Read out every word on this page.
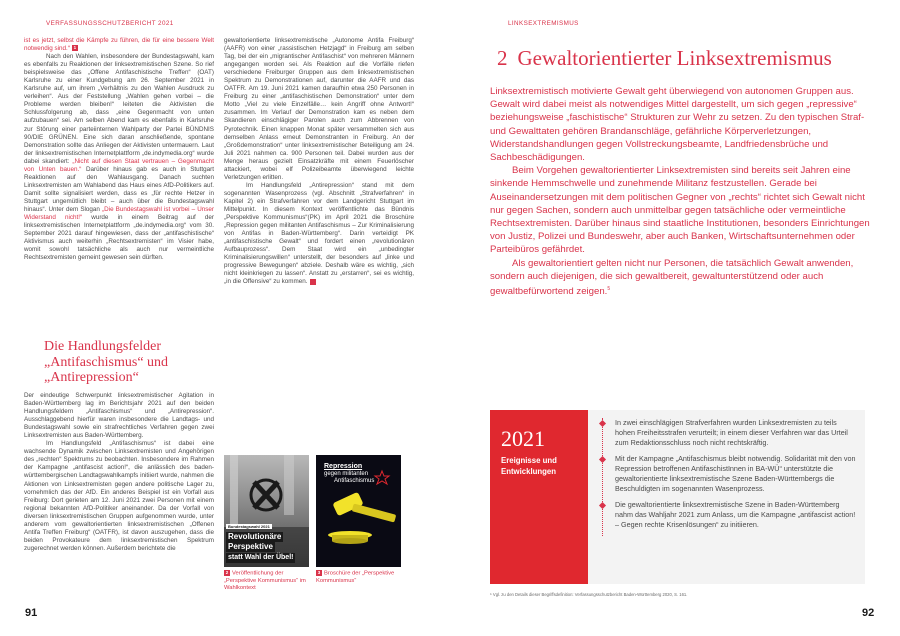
VERFASSUNGSSCHUTZBERICHT 2021

ist es jetzt, selbst die Kämpfe zu führen, die für eine bessere Welt notwendig sind.“ 1

Nach den Wahlen, insbesondere der Bundestagswahl, kam es ebenfalls zu Reaktionen der linksextremistischen Szene. So rief beispielsweise das „Offene Antifaschistische Treffen“ (OAT) Karlsruhe zu einer Kundgebung am 26. September 2021 in Karlsruhe auf, um ihrem „Verhältnis zu den Wahlen Ausdruck zu verleihen“. Aus der Feststellung „Wahlen gehen vorbei – die Probleme werden bleiben!“ leiteten die Aktivisten die Schlussfolgerung ab, dass „eine Gegenmacht von unten aufzubauen“ sei. Am selben Abend kam es ebenfalls in Karlsruhe zur Störung einer parteiinternen Wahlparty der Partei BÜNDNIS 90/DIE GRÜNEN. Eine sich daran anschließende, spontane Demonstration sollte das Anliegen der Aktivisten untermauern. Laut der linksextremistischen Internetplattform „de.indymedia.org“ wurde dabei skandiert: „Nicht auf diesen Staat vertrauen – Gegenmacht von Unten bauen.“ Darüber hinaus gab es auch in Stuttgart Reaktionen auf den Wahlausgang. Danach suchten Linksextremisten am Wahlabend das Haus eines AfD-Politikers auf. Damit sollte signalisiert werden, dass es „für rechte Hetzer in Stuttgart ungemütlich bleibt – auch über die Bundestagswahl hinaus“. Unter dem Slogan „Die Bundestagswahl ist vorbei – Unser Widerstand nicht!“ wurde in einem Beitrag auf der linksextremistischen Internetplattform „de.indymedia.org“ vom 30. September 2021 darauf hingewiesen, dass der „antifaschistische“ Aktivismus auch weiterhin „Rechtsextremisten“ im Visier habe, womit sowohl tatsächliche als auch nur vermeintliche Rechtsextremisten gemeint gewesen sein dürften.

Die Handlungsfelder „Antifaschismus“ und „Antirepression“

Der eindeutige Schwerpunkt linksextremistischer Agitation in Baden-Württemberg lag im Berichtsjahr 2021 auf den beiden Handlungsfeldern „Antifaschismus“ und „Antirepression“. Ausschlaggebend hierfür waren insbesondere die Landtags- und Bundestagswahl sowie ein strafrechtliches Verfahren gegen zwei Linksextremisten aus Baden-Württemberg.

Im Handlungsfeld „Antifaschismus“ ist dabei eine wachsende Dynamik zwischen Linksextremisten und Angehörigen des „rechten“ Spektrums zu beobachten. Insbesondere im Rahmen der Kampagne „antifascist action!“, die anlässlich des baden-württembergischen Landtagswahlkampfs initiiert wurde, nahmen die Aktionen von Linksextremisten gegen andere politische Lager zu, vornehmlich das der AfD. Ein anderes Beispiel ist ein Vorfall aus Freiburg: Dort gerieten am 12. Juni 2021 zwei Personen mit einem regional bekannten AfD-Politiker aneinander. Da der Vorfall von diversen linksextremistischen Gruppen aufgenommen wurde, unter anderem vom gewaltorientierten linksextremistischen „Offenen Antifa Treffen Freiburg“ (OATFR), ist davon auszugehen, dass die beiden Provokateure dem linksextremistischen Spektrum zugerechnet werden können. Außerdem berichtete die

gewaltorientierte linksextremistische „Autonome Antifa Freiburg“ (AAFR) von einer „rassistischen Hetzjagd“ in Freiburg am selben Tag, bei der ein „migrantischer Antifaschist“ von mehreren Männern angegangen worden sei. Als Reaktion auf die Vorfälle riefen verschiedene Freiburger Gruppen aus dem linksextremistischen Spektrum zu Demonstrationen auf, darunter die AAFR und das OATFR. Am 19. Juni 2021 kamen daraufhin etwa 250 Personen in Freiburg zu einer „antifaschistischen Demonstration“ unter dem Motto „Viel zu viele Einzelfälle… kein Angriff ohne Antwort!“ zusammen. Im Verlauf der Demonstration kam es neben dem Skandieren einschlägiger Parolen auch zum Abbrennen von Pyrotechnik. Einen knappen Monat später versammelten sich aus demselben Anlass erneut Demonstranten in Freiburg. An der „Großdemonstration“ unter linksextremistischer Beteiligung am 24. Juli 2021 nahmen ca. 900 Personen teil. Dabei wurden aus der Menge heraus gezielt Einsatzkräfte mit einem Feuerlöscher attackiert, wobei elf Polizeibeamte überwiegend leichte Verletzungen erlitten.

Im Handlungsfeld „Antirepression“ stand mit dem sogenannten Wasenprozess (vgl. Abschnitt „Strafverfahren“ in Kapitel 2) ein Strafverfahren vor dem Landgericht Stuttgart im Mittelpunkt. In diesem Kontext veröffentlichte das Bündnis „Perspektive Kommunismus“(PK) im April 2021 die Broschüre „Repression gegen militanten Antifaschismus – Zur Kriminalisierung von Antifas in Baden-Württemberg“. Darin verteidigt PK „antifaschistische Gewalt“ und fordert einen „revolutionären Aufbauprozess“. Dem Staat wird ein „unbedingter Kriminalisierungswillen“ unterstellt, der besonders auf „linke und progressive Bewegungen“ abziele. Deshalb wäre es wichtig, „sich nicht kleinkriegen zu lassen“. Anstatt zu „erstarren“, sei es wichtig, „in die Offensive“ zu kommen.	3

Bundestagswahl 2021
Revolutionäre
Perspektive
statt Wahl der Übel!
2 Veröffentlichung der „Perspektive Kommunismus“ im Wahlkontext
Repression
gegen militanten
Antifaschismus
3 Broschüre der „Perspektive Kommunismus“
91
LINKSEXTREMISMUS
2 Gewaltorientierter Linksextremismus

Linksextremistisch motivierte Gewalt geht überwiegend von autonomen Gruppen aus. Gewalt wird dabei meist als notwendiges Mittel dargestellt, um sich gegen „repressive“ beziehungsweise „faschistische“ Strukturen zur Wehr zu setzen. Zu den typischen Straf- und Gewalttaten gehören Brandanschläge, gefährliche Körperverletzungen, Widerstandshandlungen gegen Vollstreckungsbeamte, Landfriedensbrüche und Sachbeschädigungen.

Beim Vorgehen gewaltorientierter Linksextremisten sind bereits seit Jahren eine sinkende Hemmschwelle und zunehmende Militanz festzustellen. Gerade bei Auseinandersetzungen mit dem politischen Gegner von „rechts“ richtet sich Gewalt nicht nur gegen Sachen, sondern auch unmittelbar gegen tatsächliche oder vermeintliche Rechtsextremisten. Darüber hinaus sind staatliche Institutionen, besonders Einrichtungen von Justiz, Polizei und Bundeswehr, aber auch Banken, Wirtschaftsunternehmen oder Parteibüros gefährdet.

Als gewaltorientiert gelten nicht nur Personen, die tatsächlich Gewalt anwenden, sondern auch diejenigen, die sich gewaltbereit, gewaltunterstützend oder auch gewaltbefürwortend zeigen.$^5$

2021
Ereignisse und Entwicklungen
In zwei einschlägigen Strafverfahren wurden Linksextremisten zu teils hohen Freiheitsstrafen verurteilt; in einem dieser Verfahren war das Urteil zum Redaktionsschluss noch nicht rechtskräftig.
Mit der Kampagne „Antifaschismus bleibt notwendig. Solidarität mit den von Repression betroffenen AntifaschistInnen in BA-WÜ“ unterstützte die gewaltorientierte linksextremistische Szene Baden-Württembergs die Beschuldigten im sogenannten Wasenprozess.
Die gewaltorientierte linksextremistische Szene in Baden-Württemberg nahm das Wahljahr 2021 zum Anlass, um die Kampagne „antifascist action! – Gegen rechte Krisenlösungen“ zu initiieren.
⁵ Vgl. zu den Details dieser Begriffsdefinition: Verfassungsschutzbericht Baden-Württemberg 2020, S. 161.
92
